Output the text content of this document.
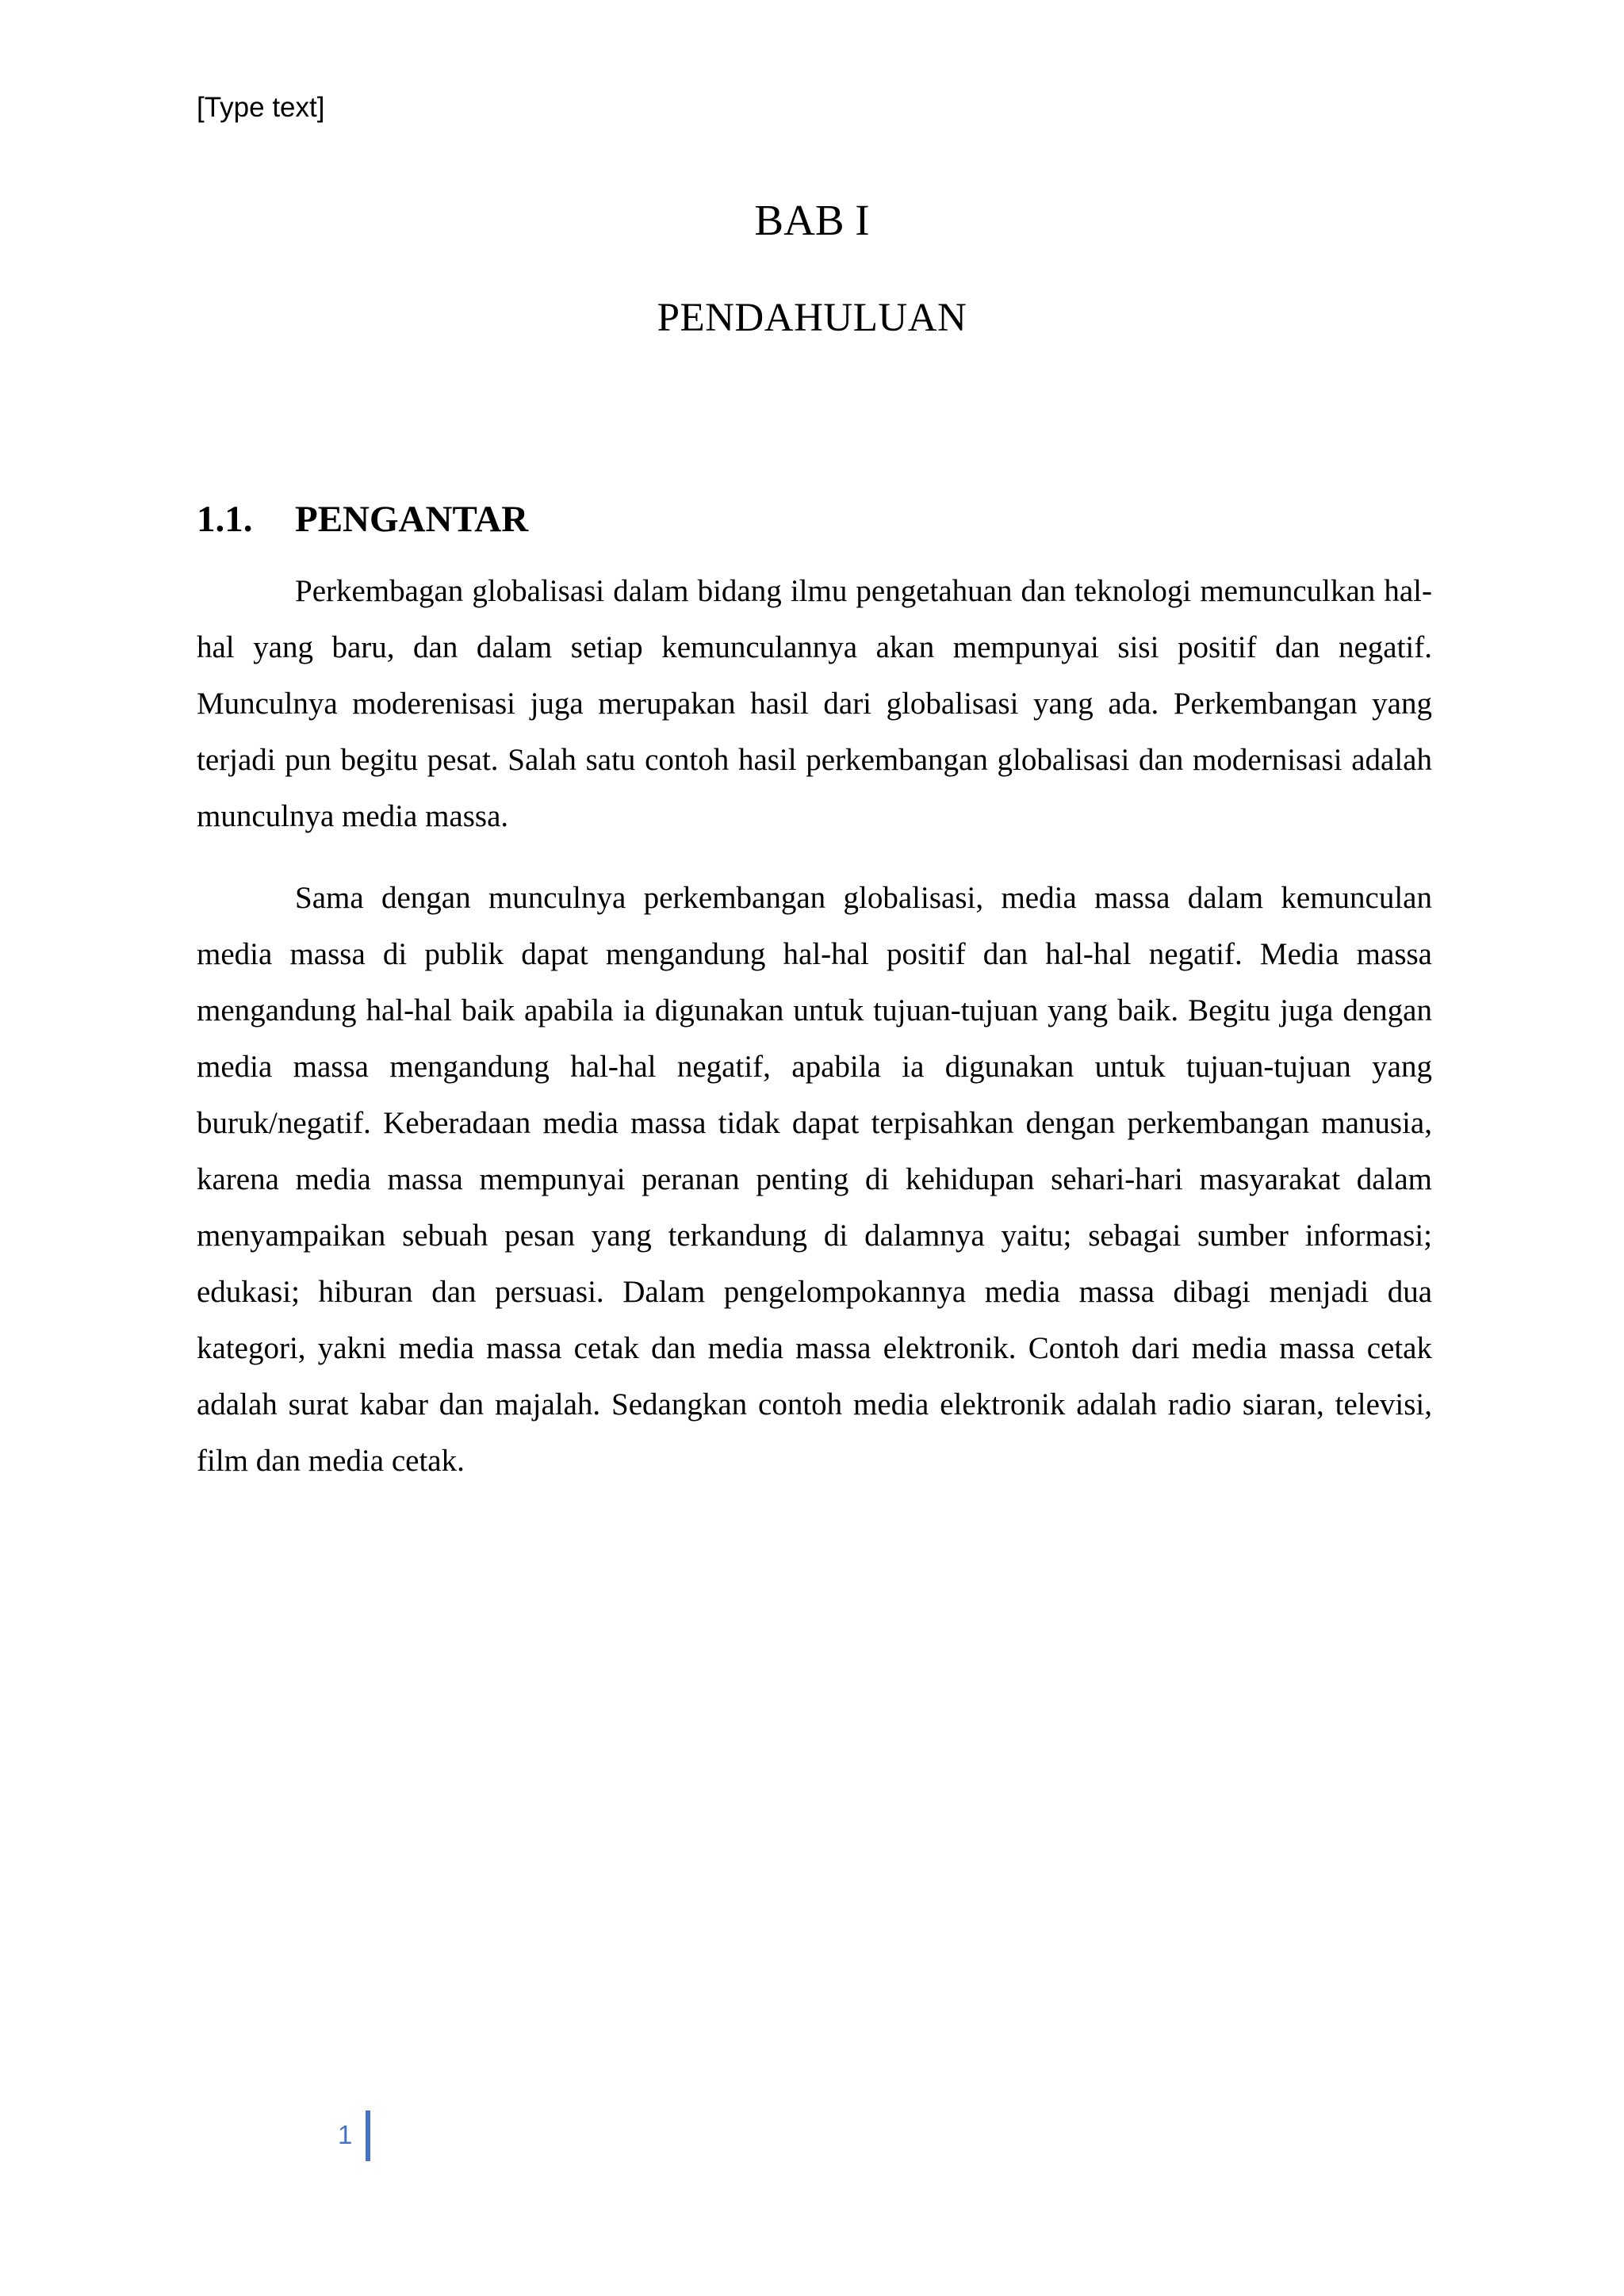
[Type text]
BAB I
PENDAHULUAN
1.1. PENGANTAR

Perkembagan globalisasi dalam bidang ilmu pengetahuan dan teknologi memunculkan hal-hal yang baru, dan dalam setiap kemunculannya akan mempunyai sisi positif dan negatif. Munculnya moderenisasi juga merupakan hasil dari globalisasi yang ada. Perkembangan yang terjadi pun begitu pesat. Salah satu contoh hasil perkembangan globalisasi dan modernisasi adalah munculnya media massa.

Sama dengan munculnya perkembangan globalisasi, media massa dalam kemunculan media massa di publik dapat mengandung hal-hal positif dan hal-hal negatif. Media massa mengandung hal-hal baik apabila ia digunakan untuk tujuan-tujuan yang baik. Begitu juga dengan media massa mengandung hal-hal negatif, apabila ia digunakan untuk tujuan-tujuan yang buruk/negatif. Keberadaan media massa tidak dapat terpisahkan dengan perkembangan manusia, karena media massa mempunyai peranan penting di kehidupan sehari-hari masyarakat dalam menyampaikan sebuah pesan yang terkandung di dalamnya yaitu; sebagai sumber informasi; edukasi; hiburan dan persuasi. Dalam pengelompokannya media massa dibagi menjadi dua kategori, yakni media massa cetak dan media massa elektronik. Contoh dari media massa cetak adalah surat kabar dan majalah. Sedangkan contoh media elektronik adalah radio siaran, televisi, film dan media cetak.

1
